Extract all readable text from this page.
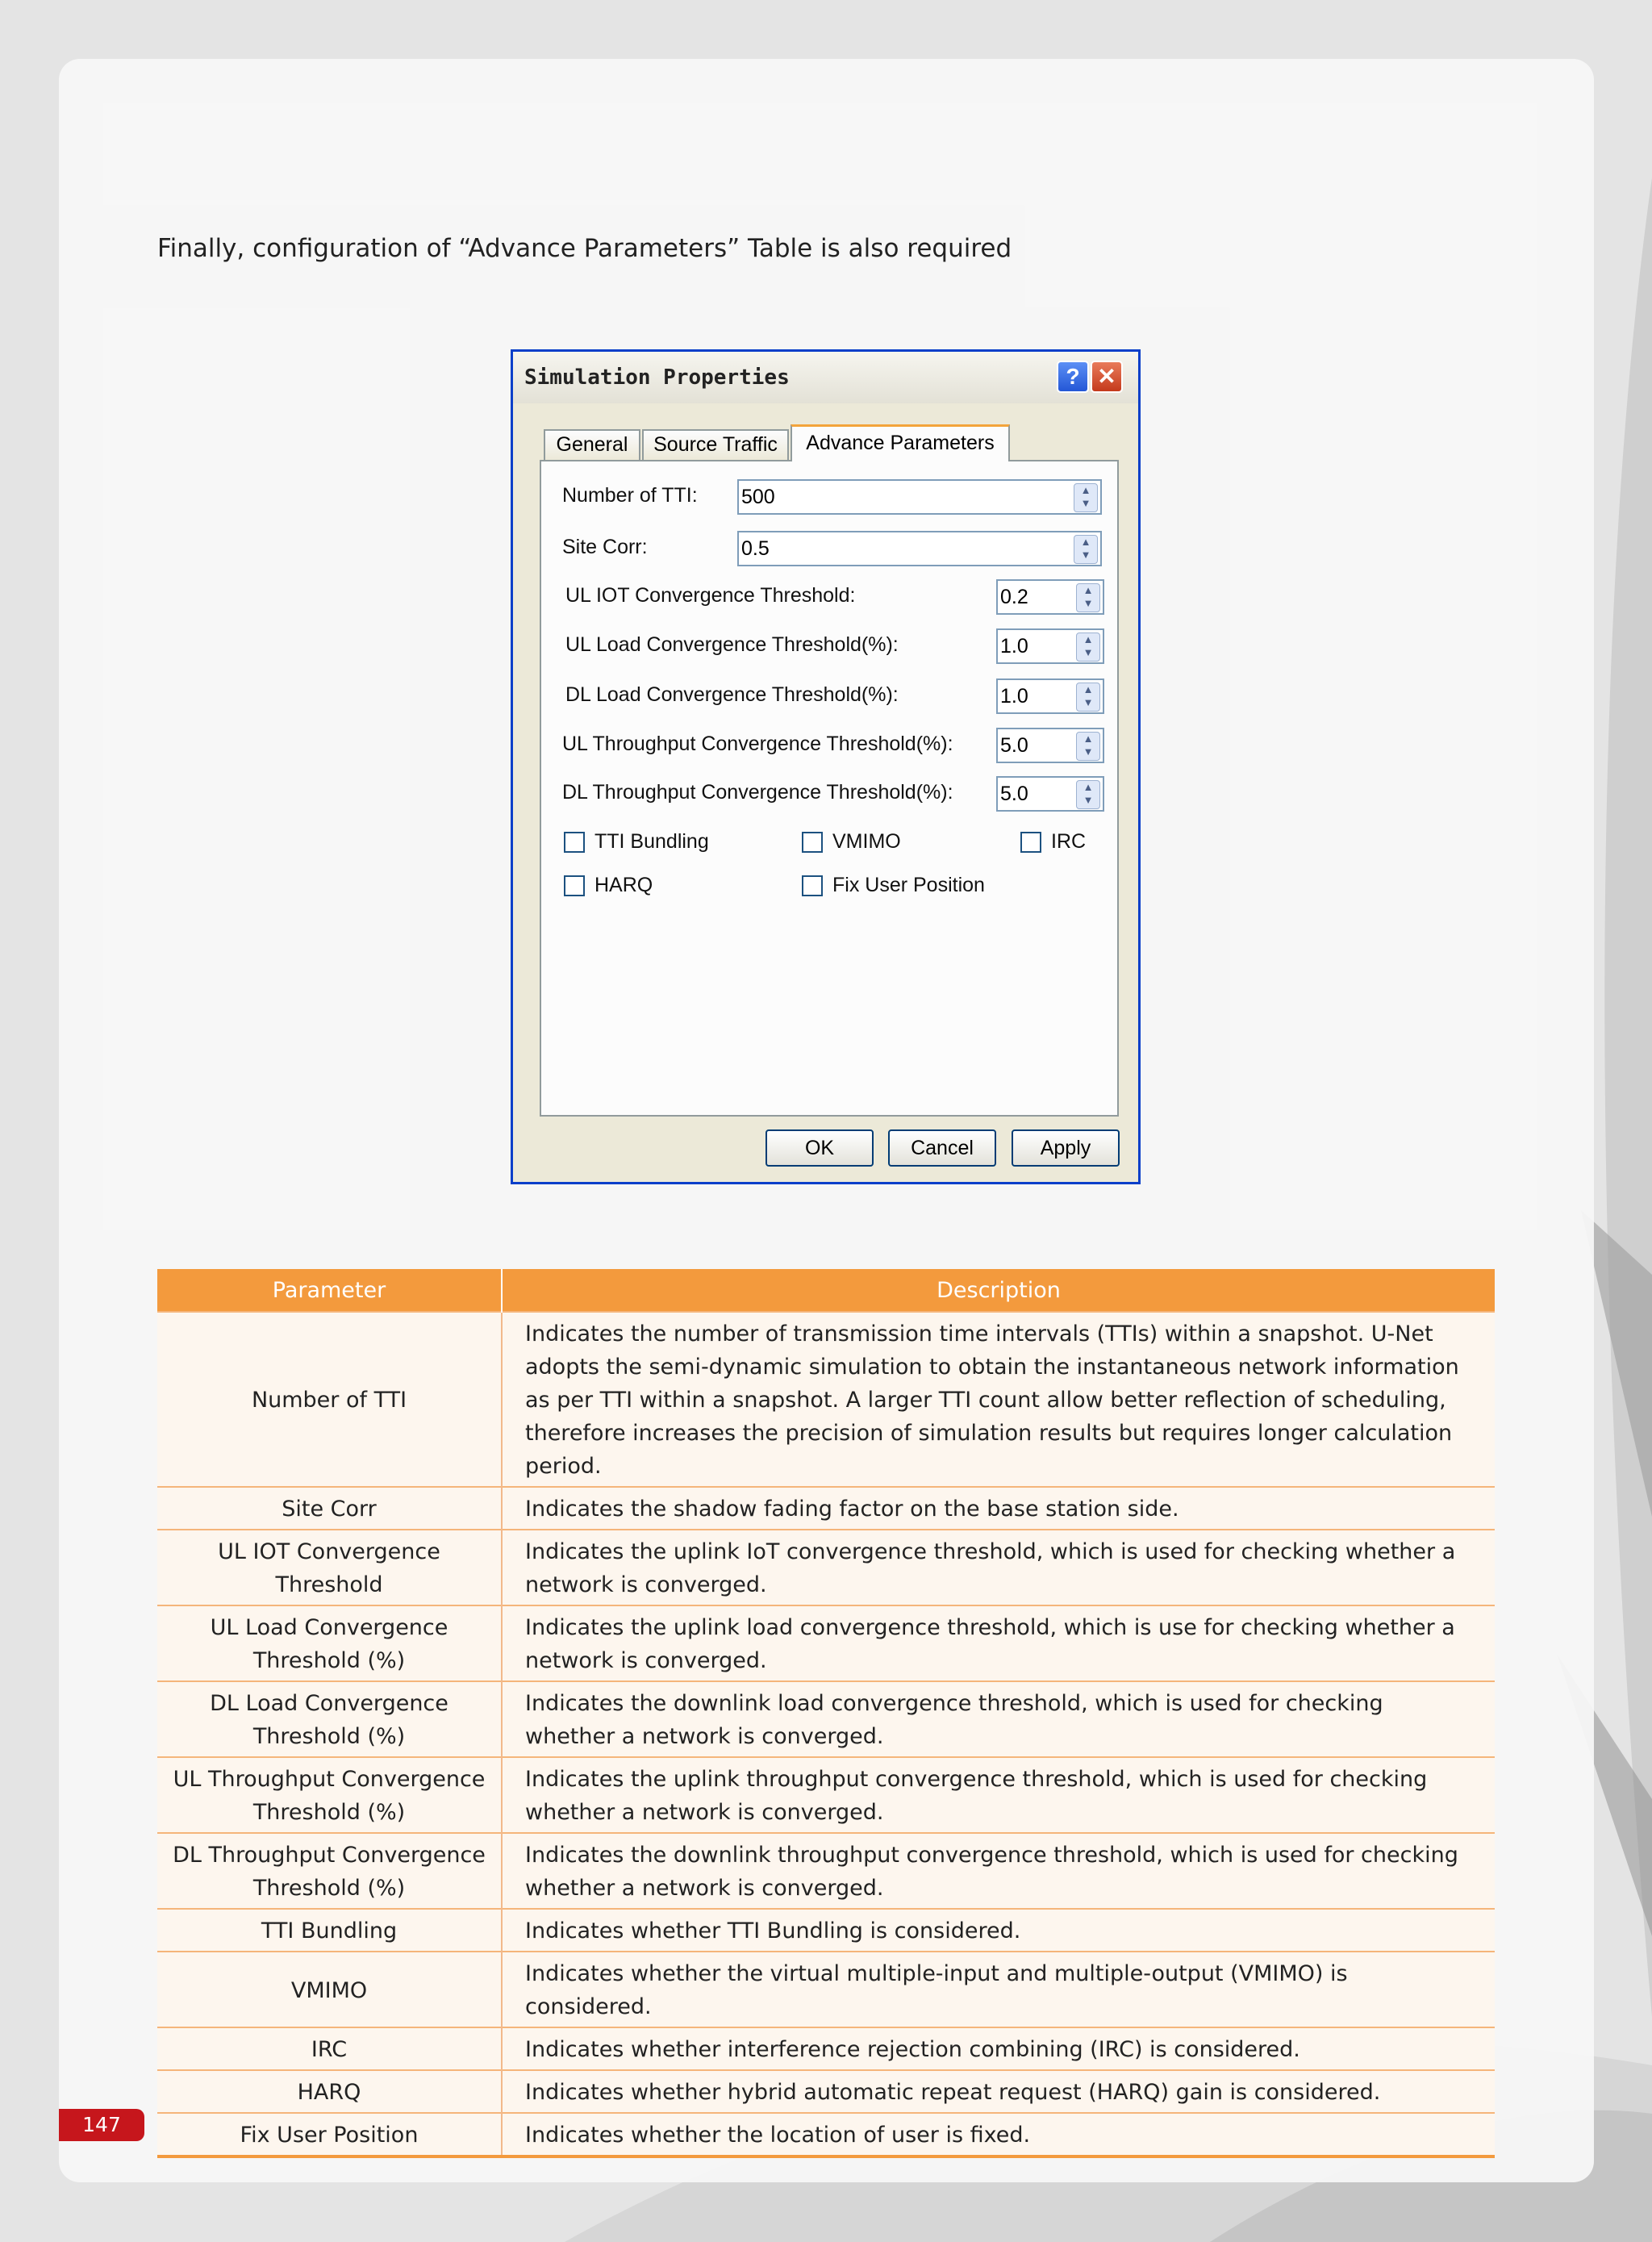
Finally, configuration of “Advance Parameters” Table is also required

Simulation Properties	? ✕
General	Source Traffic	Advance Parameters
Number of TTI: 500	▲
▼
Site Corr:	0.5	▲
▼
UL IOT Convergence Threshold:	0.2	▲
▼
UL Load Convergence Threshold(%):	1.0	▲
▼
DL Load Convergence Threshold(%):	1.0	▲
▼
UL Throughput Convergence Threshold(%): 5.0	▲
▼
DL Throughput Convergence Threshold(%): 5.0	▲
▼
TTI Bundling	VMIMO	IRC
HARQ	Fix User Position
OK	Cancel	Apply
Parameter	Description
Number of TTI	Indicates the number of transmission time intervals (TTIs) within a snapshot. U-Net adopts the semi-dynamic simulation to obtain the instantaneous network information as per TTI within a snapshot. A larger TTI count allow better reflection of scheduling, therefore increases the precision of simulation results but requires longer calculation period.
Site Corr	Indicates the shadow fading factor on the base station side.
UL IOT Convergence Threshold	Indicates the uplink IoT convergence threshold, which is used for checking whether a network is converged.
UL Load Convergence Threshold (%)	Indicates the uplink load convergence threshold, which is use for checking whether a network is converged.
DL Load Convergence Threshold (%)	Indicates the downlink load convergence threshold, which is used for checking whether a network is converged.
UL Throughput Convergence Threshold (%)	Indicates the uplink throughput convergence threshold, which is used for checking whether a network is converged.
DL Throughput Convergence Threshold (%)	Indicates the downlink throughput convergence threshold, which is used for checking whether a network is converged.
TTI Bundling	Indicates whether TTI Bundling is considered.
VMIMO	Indicates whether the virtual multiple-input and multiple-output (VMIMO) is considered.
IRC	Indicates whether interference rejection combining (IRC) is considered.
HARQ	Indicates whether hybrid automatic repeat request (HARQ) gain is considered.
Fix User Position	Indicates whether the location of user is fixed.
147
